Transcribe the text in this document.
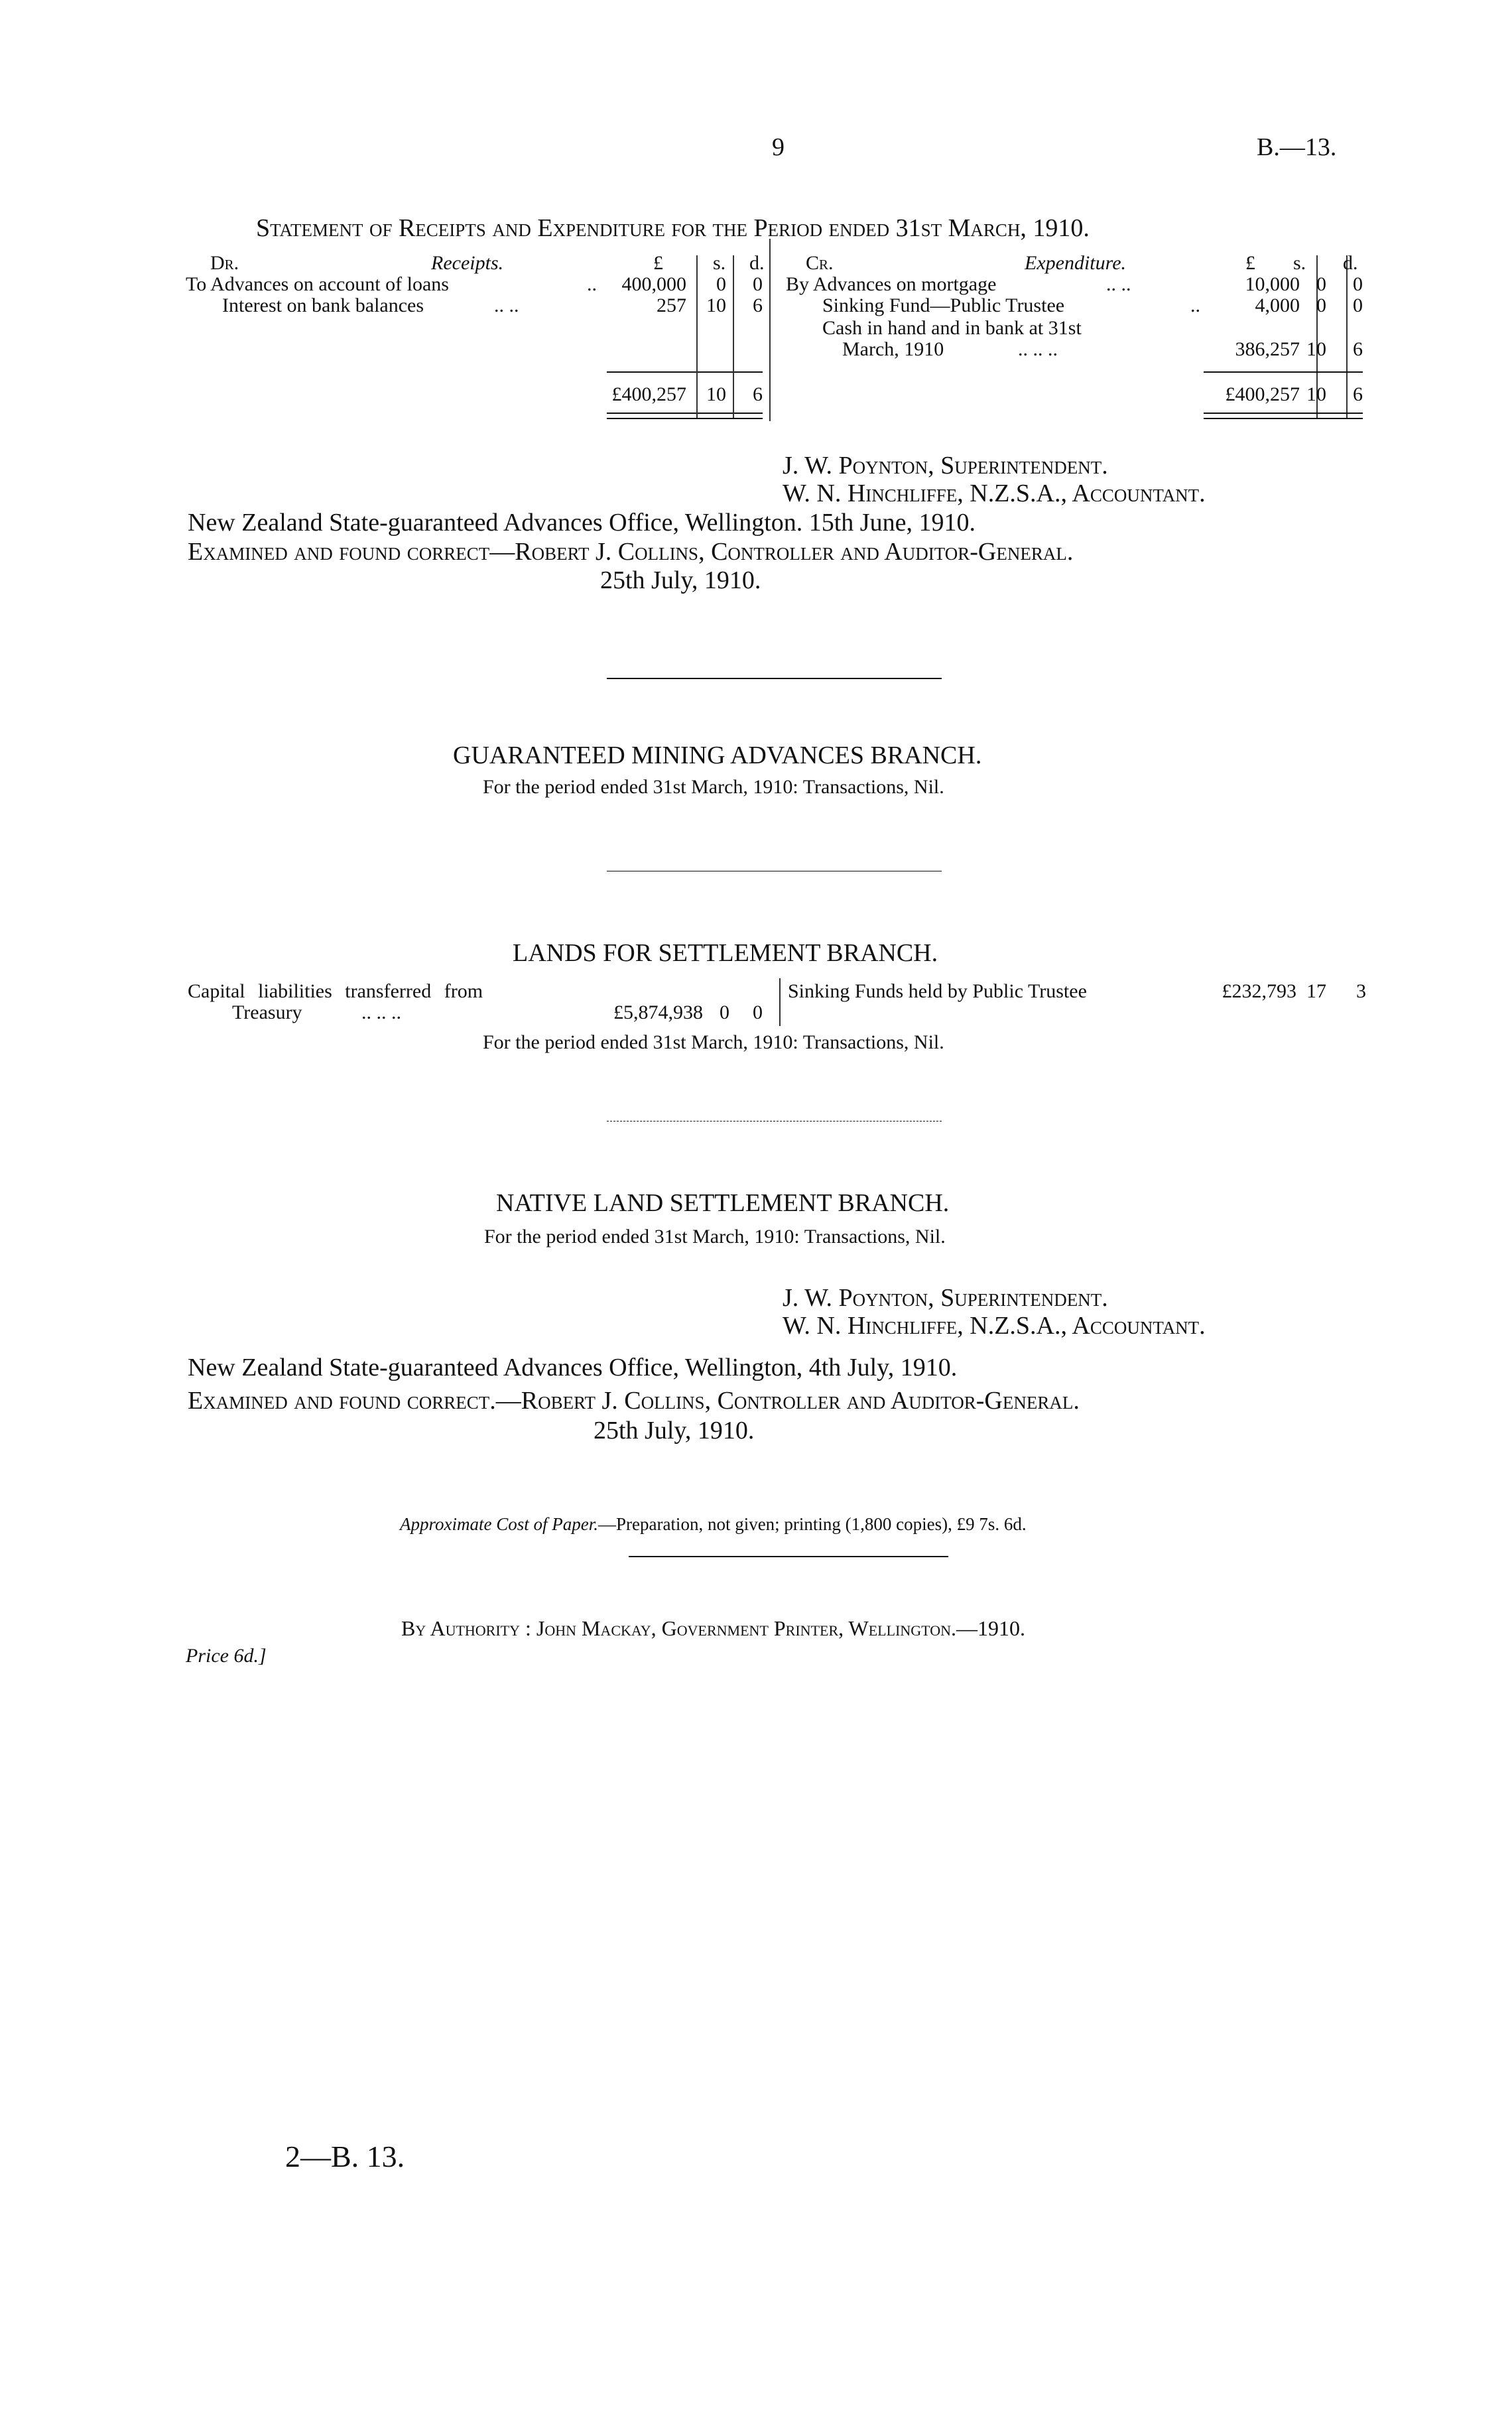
9	B.—13.
Statement of Receipts and Expenditure for the Period ended 31st March, 1910.
Dr.	Receipts.	£	s. d.
To Advances on account of loans	..	400,000	0	0
Interest on bank balances	.. ..	257	10	6
£400,257	10	6
Cr.	Expenditure.	£ s. d.
By Advances on mortgage	.. ..	10,000 0	0
Sinking Fund—Public Trustee	..	4,000 0	0
Cash in hand and in bank at 31st
March, 1910	.. .. ..	386,257 10	6
£400,257 10	6
J. W. Poynton, Superintendent.
W. N. Hinchliffe, N.Z.S.A., Accountant.
New Zealand State-guaranteed Advances Office, Wellington. 15th June, 1910.
Examined and found correct—Robert J. Collins, Controller and Auditor-General.
25th July, 1910.
GUARANTEED MINING ADVANCES BRANCH.
For the period ended 31st March, 1910: Transactions, Nil.
LANDS FOR SETTLEMENT BRANCH.
Capital liabilities transferred from
Treasury	.. .. ..	£5,874,938 0	0
Sinking Funds held by Public Trustee	£232,793 17	3
For the period ended 31st March, 1910: Transactions, Nil.
NATIVE LAND SETTLEMENT BRANCH.
For the period ended 31st March, 1910: Transactions, Nil.
J. W. Poynton, Superintendent.
W. N. Hinchliffe, N.Z.S.A., Accountant.
New Zealand State-guaranteed Advances Office, Wellington, 4th July, 1910.
Examined and found correct.—Robert J. Collins, Controller and Auditor-General.
25th July, 1910.
Approximate Cost of Paper.—Preparation, not given; printing (1,800 copies), £9 7s. 6d.
By Authority : John Mackay, Government Printer, Wellington.—1910.
Price 6d.]
2—B. 13.
